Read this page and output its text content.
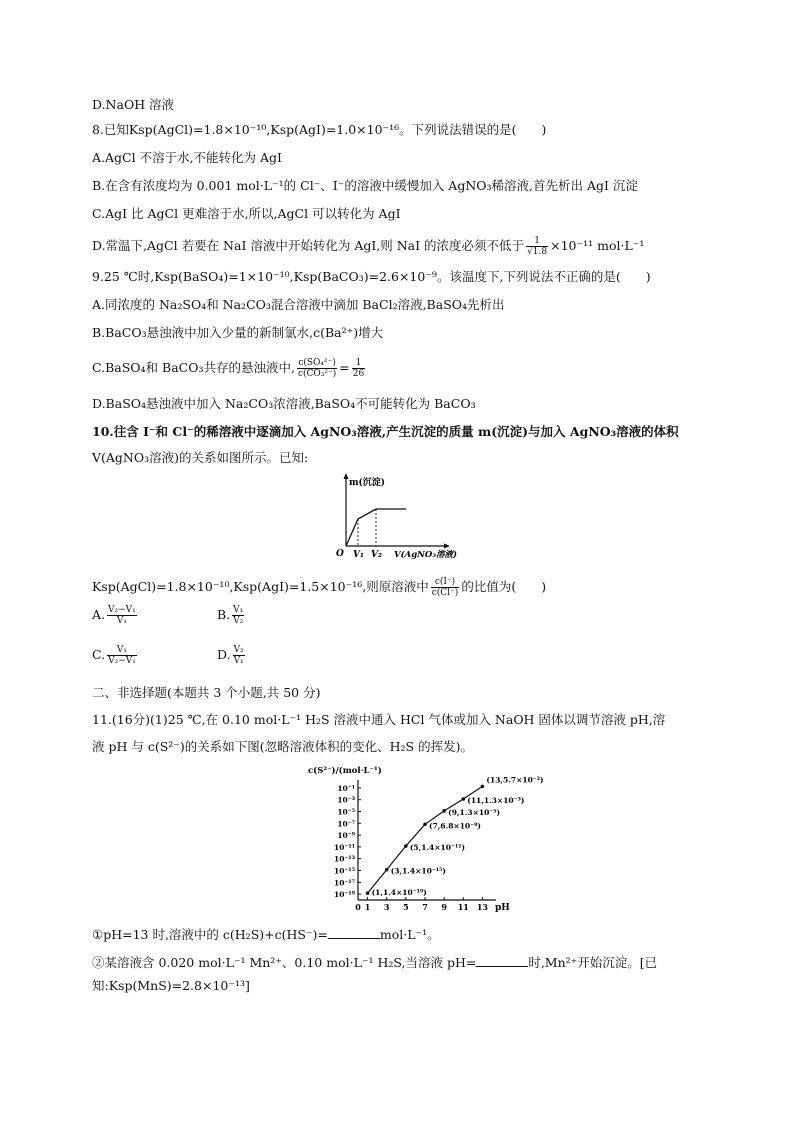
D.NaOH 溶液
8.已知Ksp(AgCl)=1.8×10⁻¹⁰,Ksp(AgI)=1.0×10⁻¹⁶。下列说法错误的是(　　)
A.AgCl 不溶于水,不能转化为 AgI
B.在含有浓度均为 0.001 mol·L⁻¹的 Cl⁻、I⁻的溶液中缓慢加入 AgNO₃稀溶液,首先析出 AgI 沉淀
C.AgI 比 AgCl 更难溶于水,所以,AgCl 可以转化为 AgI
D.常温下,AgCl 若要在 NaI 溶液中开始转化为 AgI,则 NaI 的浓度必须不低于 $\frac{1}{√1.8} \times 10^{-11}$ mol·L⁻¹
9.25 ℃时,Ksp(BaSO₄)=1×10⁻¹⁰,Ksp(BaCO₃)=2.6×10⁻⁹。该温度下,下列说法不正确的是(　　)
A.同浓度的 Na₂SO₄和 Na₂CO₃混合溶液中滴加 BaCl₂溶液,BaSO₄先析出
B.BaCO₃悬浊液中加入少量的新制氯水,c(Ba²⁺)增大
C.BaSO₄和 BaCO₃共存的悬浊液中, $\frac{\text{c(SO₄²⁻)}}{\text{c(CO₃²⁻)}} = \frac{1}{26}$
D.BaSO₄悬浊液中加入 Na₂CO₃浓溶液,BaSO₄不可能转化为 BaCO₃
10.往含 I⁻和 Cl⁻的稀溶液中逐滴加入 AgNO₃溶液,产生沉淀的质量 m(沉淀)与加入 AgNO₃溶液的体积
V(AgNO₃溶液)的关系如图所示。已知:
m(沉淀)
O V₁ V₂ V(AgNO₃溶液)
Ksp(AgCl)=1.8×10⁻¹⁰,Ksp(AgI)=1.5×10⁻¹⁶,则原溶液中 $\frac{c(I^-)}{c(Cl^-)}$ 的比值为(　　)
A. $\frac{\text{V₂−V₁}}{\text{V₁}}$	B. $\frac{\text{V₁}}{\text{V₂}}$
C. $\frac{\text{V₁}}{\text{V₂−V₁}}$	D. $\frac{\text{V₂}}{\text{V₁}}$
二、非选择题(本题共 3 个小题,共 50 分)
11.(16分)(1)25 ℃,在 0.10 mol·L⁻¹ H₂S 溶液中通入 HCl 气体或加入 NaOH 固体以调节溶液 pH,溶
液 pH 与 c(S²⁻)的关系如下图(忽略溶液体积的变化、H₂S 的挥发)。
c(S²⁻)/(mol·L⁻¹)
pH
0 1 3 5 7 9 11 13
10⁻¹
10⁻³
10⁻⁵
10⁻⁷
10⁻⁹
10⁻¹¹
10⁻¹³
10⁻¹⁵
10⁻¹⁷
10⁻¹⁹ (1,1.4×10⁻¹⁹)
(3,1.4×10⁻¹⁵)
(5,1.4×10⁻¹¹)
(7,6.8×10⁻⁸)
(9,1.3×10⁻⁵)
(11,1.3×10⁻³)
(13,5.7×10⁻²)
①pH=13 时,溶液中的 c(H₂S)+c(HS⁻)=	mol·L⁻¹。
②某溶液含 0.020 mol·L⁻¹ Mn²⁺、0.10 mol·L⁻¹ H₂S,当溶液 pH=	时,Mn²⁺开始沉淀。[已
知:Ksp(MnS)=2.8×10⁻¹³]
